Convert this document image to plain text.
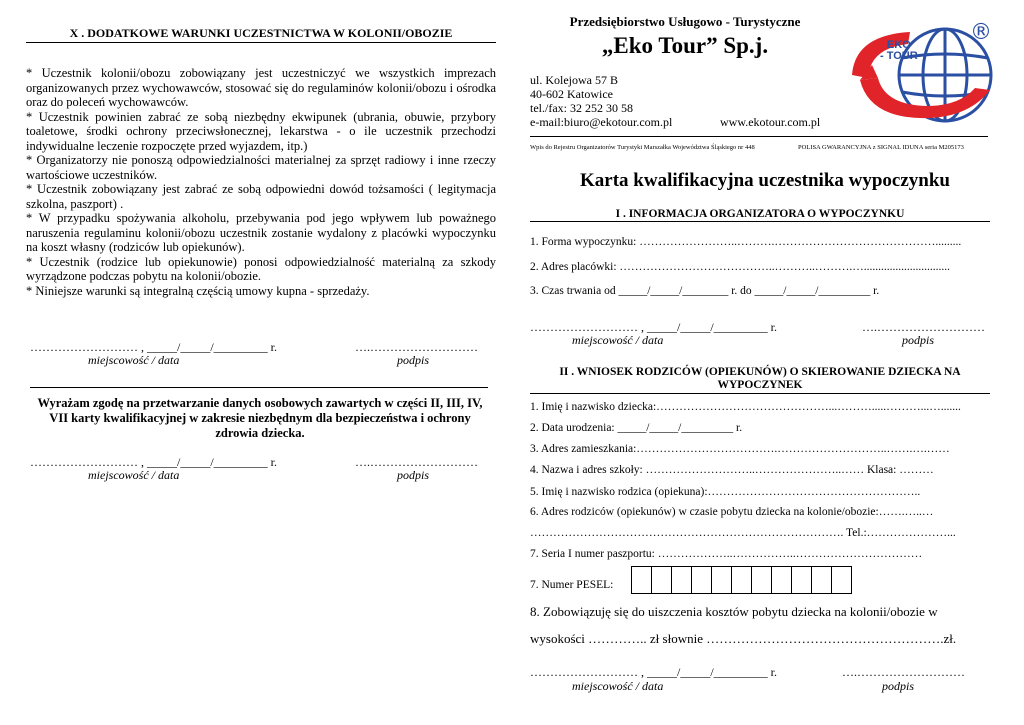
X . DODATKOWE WARUNKI UCZESTNICTWA W KOLONII/OBOZIE

* Uczestnik kolonii/obozu zobowiązany jest uczestniczyć we wszystkich imprezach organizowanych przez wychowawców, stosować się do regulaminów kolonii/obozu i ośrodka oraz do poleceń wychowawców.

* Uczestnik powinien zabrać ze sobą niezbędny ekwipunek (ubrania, obuwie, przybory toaletowe, środki ochrony przeciwsłonecznej, lekarstwa - o ile uczestnik przechodzi indywidualne leczenie rozpoczęte przed wyjazdem, itp.)

* Organizatorzy nie ponoszą odpowiedzialności materialnej za sprzęt radiowy i inne rzeczy wartościowe uczestników.

* Uczestnik zobowiązany jest zabrać ze sobą odpowiedni dowód tożsamości ( legitymacja szkolna, paszport) .

* W przypadku spożywania alkoholu, przebywania pod jego wpływem lub poważnego naruszenia regulaminu kolonii/obozu uczestnik zostanie wydalony z placówki wypoczynku na koszt własny (rodziców lub opiekunów).

* Uczestnik (rodzice lub opiekunowie) ponosi odpowiedzialność materialną za szkody wyrządzone podczas pobytu na kolonii/obozie.

* Niniejsze warunki są integralną częścią umowy kupna - sprzedaży.

……………………… , _____/_____/_________ r.	….………………………
miejscowość / data	podpis
Wyrażam zgodę na przetwarzanie danych osobowych zawartych w części II, III, IV, VII karty kwalifikacyjnej w zakresie niezbędnym dla bezpieczeństwa i ochrony zdrowia dziecka.
……………………… , _____/_____/_________ r.	….………………………
miejscowość / data	podpis
Przedsiębiorstwo Usługowo - Turystyczne
„Eko Tour” Sp.j.
ul. Kolejowa 57 B
40-602 Katowice
tel./fax: 32 252 30 58
e-mail:biuro@ekotour.com.pl	www.ekotour.com.pl
EKO
- TOUR
®
Wpis do Rejestru Organizatorów Turystyki Marszałka Województwa Śląskiego nr 448	POLISA GWARANCYJNA z SIGNAL IDUNA seria M205173
Karta kwalifikacyjna uczestnika wypoczynku
I . INFORMACJA ORGANIZATORA O WYPOCZYNKU
1. Forma wypoczynku: ……………………..……….…………………………………….........
2. Adres placówki: …………………………………..………..……….…..............................
3. Czas trwania od _____/_____/________ r. do _____/_____/_________ r.
……………………… , _____/_____/_________ r.	….………………………
miejscowość / data	podpis
II . WNIOSEK RODZICÓW (OPIEKUNÓW) O SKIEROWANIE DZIECKA NA WYPOCZYNEK
1. Imię i nazwisko dziecka:………………………………………...……….....………...….......
2. Data urodzenia: _____/_____/_________ r.
3. Adres zamieszkania:……………………………….………………………..…….….……
4. Nazwa i adres szkoły: ………………………..…………………..…… Klasa: ………
5. Imię i nazwisko rodzica (opiekuna):………………………………………………..
6. Adres rodziców (opiekunów) w czasie pobytu dziecka na kolonie/obozie:…….…..…
………………………………………………………………………. Tel.:…………………...
7. Seria I numer paszportu: ………………..……………..……………………………
7. Numer PESEL:
8. Zobowiązuję się do uiszczenia kosztów pobytu dziecka na kolonii/obozie w
wysokości ………….. zł słownie ……………………………………………….zł.
……………………… , _____/_____/_________ r.	….………………………
miejscowość / data	podpis
